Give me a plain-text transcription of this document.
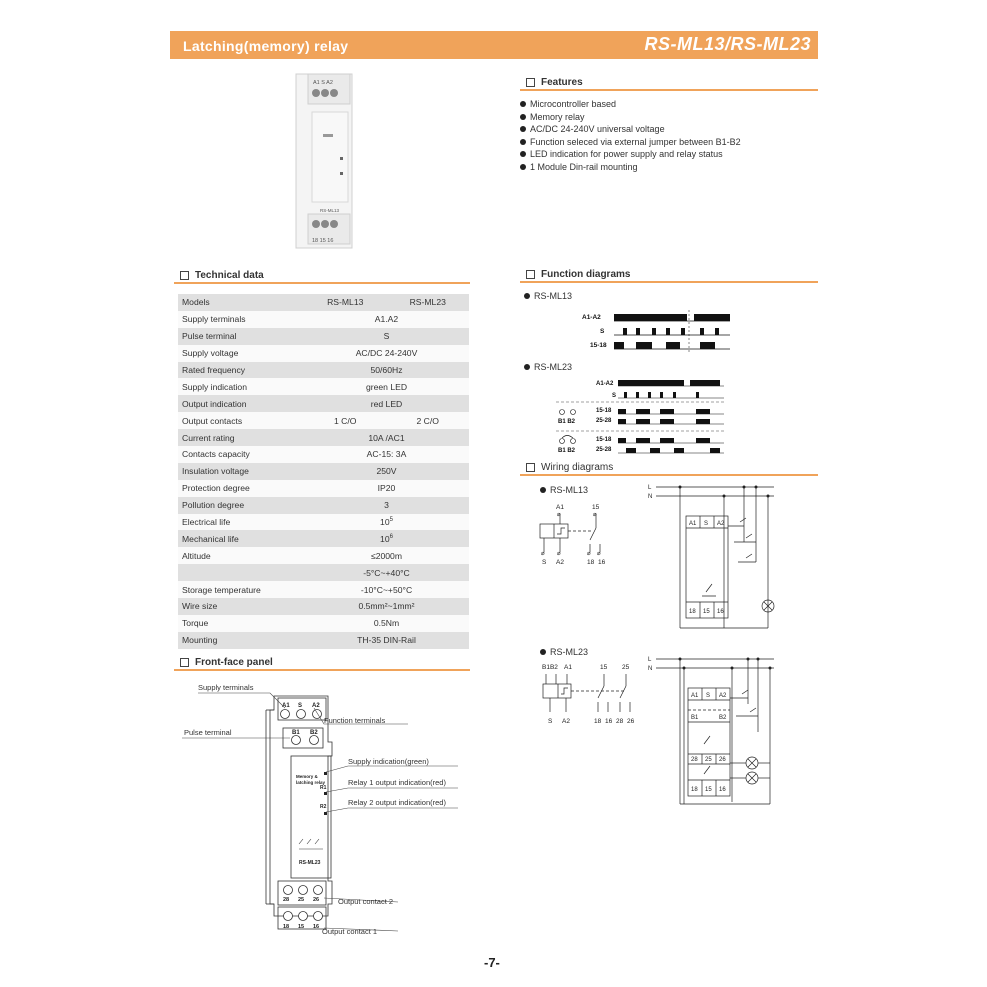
Latching(memory) relay	RS-ML13/RS-ML23
A1 S A2
RS-ML13
18 15 16
Features
Microcontroller based
Memory relay
AC/DC 24-240V universal voltage
Function seleced via external jumper between B1-B2
LED indication for power supply and relay status
1 Module Din-rail mounting
Technical data
Models		RS-ML13	RS-ML23

Supply terminals	A1.A2
Pulse terminal	S
Supply voltage	AC/DC 24-240V
Rated frequency	50/60Hz
Supply indication	green LED
Output indication	red LED
Output contacts		1 C/O	2 C/O

Current rating	10A /AC1
Contacts capacity	AC-15: 3A
Insulation voltage	250V
Protection degree	IP20
Pollution degree	3
Electrical life	$10^5$
Mechanical life	$10^6$
Altitude	≤2000m
	-5°C~+40°C
Storage temperature	-10°C~+50°C
Wire size	0.5mm²~1mm²
Torque	0.5Nm
Mounting	TH-35 DIN-Rail
Front-face panel
A1 S A2
B1 B2
Memory &
latching relay
R1
R2
RS-ML23
28 25 26
18 15 16
Supply terminals
Function terminals
Pulse terminal
Supply indication(green)
Relay 1 output indication(red)
Relay 2 output indication(red)
Output contact 2
Output contact 1
Function diagrams
RS-ML13
A1-A2
S
15-18
RS-ML23
A1-A2
S
15-18
25-28
15-18
25-28
B1 B2
B1 B2
Wiring diagrams
RS-ML13
A1	15
S A2	18 16
⌀	⌀
⌀ ⌀	⌀ ⌀
L
N
A1 S A2
18 15 16
RS-ML23
B1B2 A1	15 25
S A2	18 16 28 26
L
N
A1 S A2
B1	B2
28 25 26
18 15 16
-7-
